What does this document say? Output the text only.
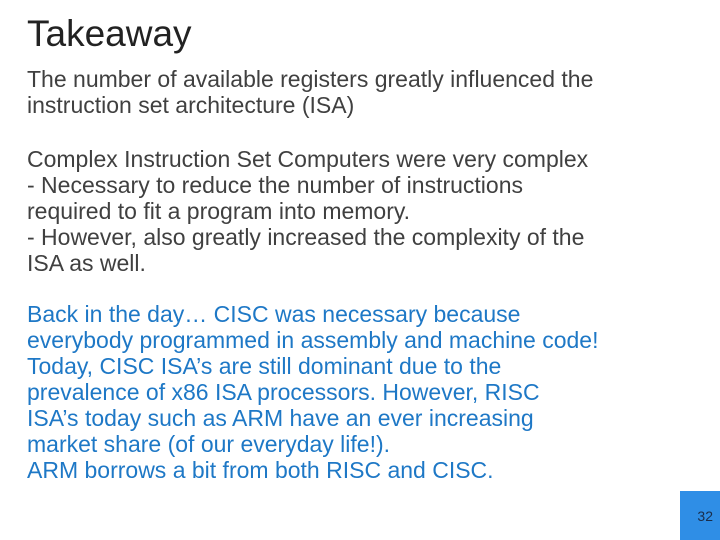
Takeaway

The number of available registers greatly influenced the
instruction set architecture (ISA)

Complex Instruction Set Computers were very complex
- Necessary to reduce the number of instructions
required to fit a program into memory.
- However, also greatly increased the complexity of the
ISA as well.

Back in the day… CISC was necessary because
everybody programmed in assembly and machine code!
Today, CISC ISA’s are still dominant due to the
prevalence of x86 ISA processors. However, RISC
ISA’s today such as ARM have an ever increasing
market share (of our everyday life!).
ARM borrows a bit from both RISC and CISC.

32
